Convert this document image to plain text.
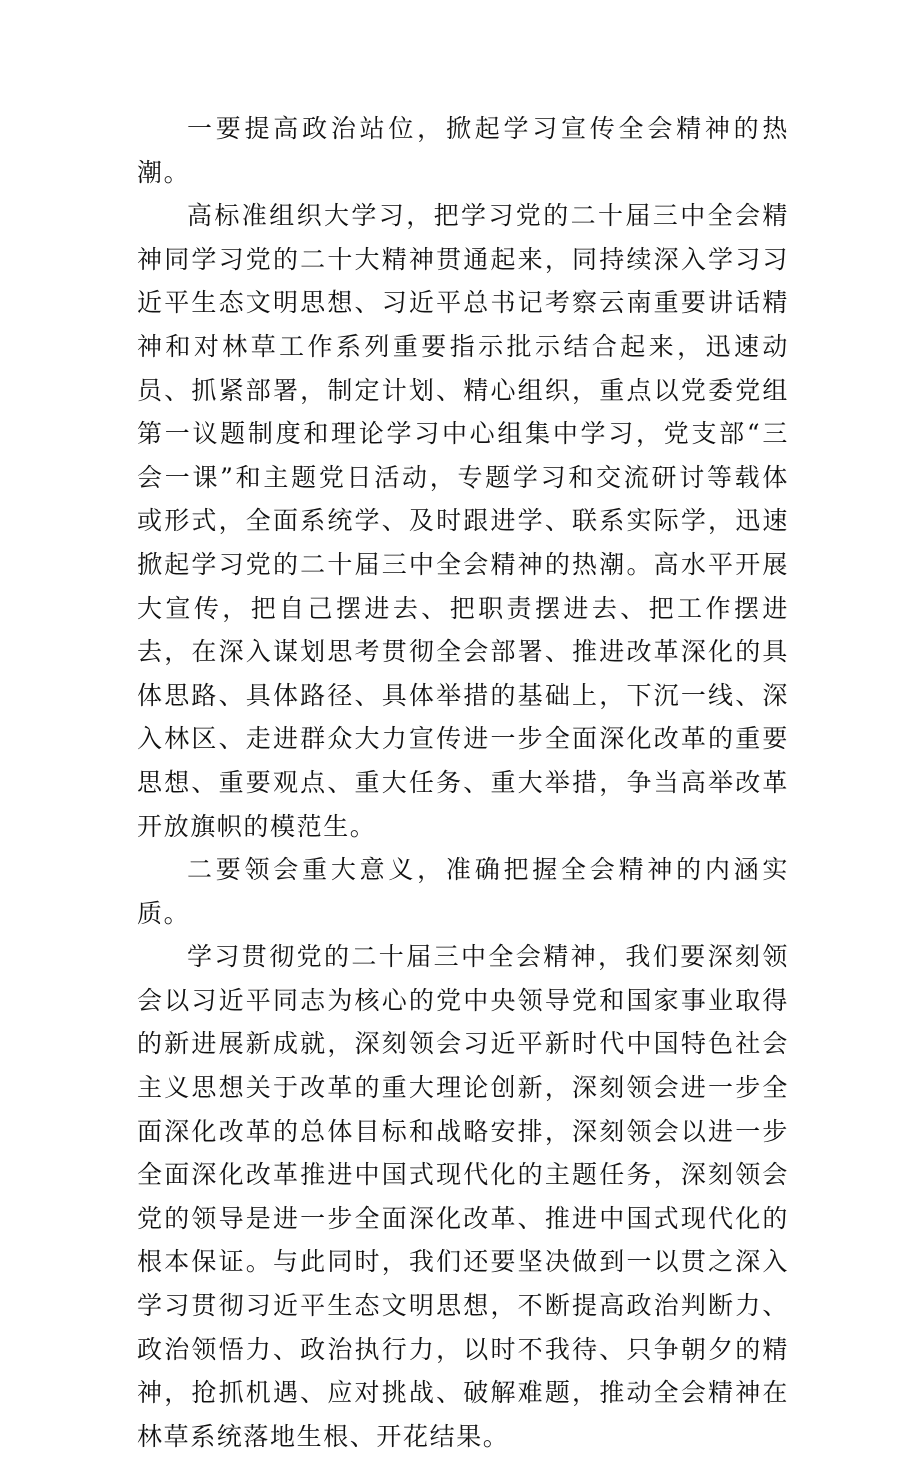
一要提高政治站位，掀起学习宣传全会精神的热潮。

高标准组织大学习，把学习党的二十届三中全会精神同学习党的二十大精神贯通起来，同持续深入学习习近平生态文明思想、习近平总书记考察云南重要讲话精神和对林草工作系列重要指示批示结合起来，迅速动员、抓紧部署，制定计划、精心组织，重点以党委党组第一议题制度和理论学习中心组集中学习，党支部“三会一课”和主题党日活动，专题学习和交流研讨等载体或形式，全面系统学、及时跟进学、联系实际学，迅速掀起学习党的二十届三中全会精神的热潮。高水平开展大宣传，把自己摆进去、把职责摆进去、把工作摆进去，在深入谋划思考贯彻全会部署、推进改革深化的具体思路、具体路径、具体举措的基础上，下沉一线、深入林区、走进群众大力宣传进一步全面深化改革的重要思想、重要观点、重大任务、重大举措，争当高举改革开放旗帜的模范生。

二要领会重大意义，准确把握全会精神的内涵实质。

学习贯彻党的二十届三中全会精神，我们要深刻领会以习近平同志为核心的党中央领导党和国家事业取得的新进展新成就，深刻领会习近平新时代中国特色社会主义思想关于改革的重大理论创新，深刻领会进一步全面深化改革的总体目标和战略安排，深刻领会以进一步全面深化改革推进中国式现代化的主题任务，深刻领会党的领导是进一步全面深化改革、推进中国式现代化的根本保证。与此同时，我们还要坚决做到一以贯之深入学习贯彻习近平生态文明思想，不断提高政治判断力、政治领悟力、政治执行力，以时不我待、只争朝夕的精神，抢抓机遇、应对挑战、破解难题，推动全会精神在林草系统落地生根、开花结果。
